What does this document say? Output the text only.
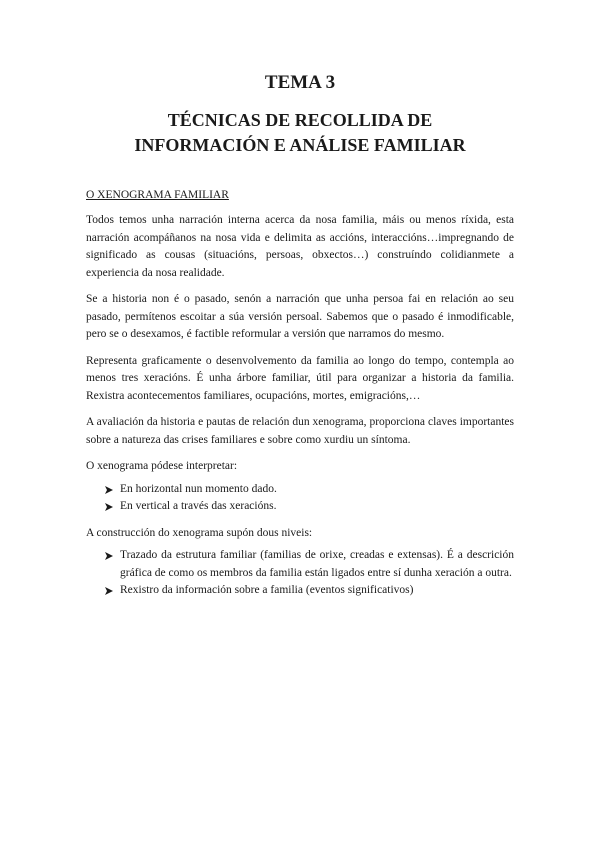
TEMA 3
TÉCNICAS DE RECOLLIDA DE
INFORMACIÓN E ANÁLISE FAMILIAR
O XENOGRAMA FAMILIAR

Todos temos unha narración interna acerca da nosa familia, máis ou menos ríxida, esta narración acompáñanos na nosa vida e delimita as accións, interaccións…impregnando de significado as cousas (situacións, persoas, obxectos…) construíndo colidianmete a experiencia da nosa realidade.

Se a historia non é o pasado, senón a narración que unha persoa fai en relación ao seu pasado, permítenos escoitar a súa versión persoal. Sabemos que o pasado é inmodificable, pero se o desexamos, é factible reformular a versión que narramos do mesmo.

Representa graficamente o desenvolvemento da familia ao longo do tempo, contempla ao menos tres xeracións. É unha árbore familiar, útil para organizar a historia da familia. Rexistra acontecementos familiares, ocupacións, mortes, emigracións,…

A avaliación da historia e pautas de relación dun xenograma, proporciona claves importantes sobre a natureza das crises familiares e sobre como xurdiu un síntoma.

O xenograma pódese interpretar:

En horizontal nun momento dado.
En vertical a través das xeracións.

A construcción do xenograma supón dous niveis:

Trazado da estrutura familiar (familias de orixe, creadas e extensas). É a descrición gráfica de como os membros da familia están ligados entre sí dunha xeración a outra.
Rexistro da información sobre a familia (eventos significativos)
